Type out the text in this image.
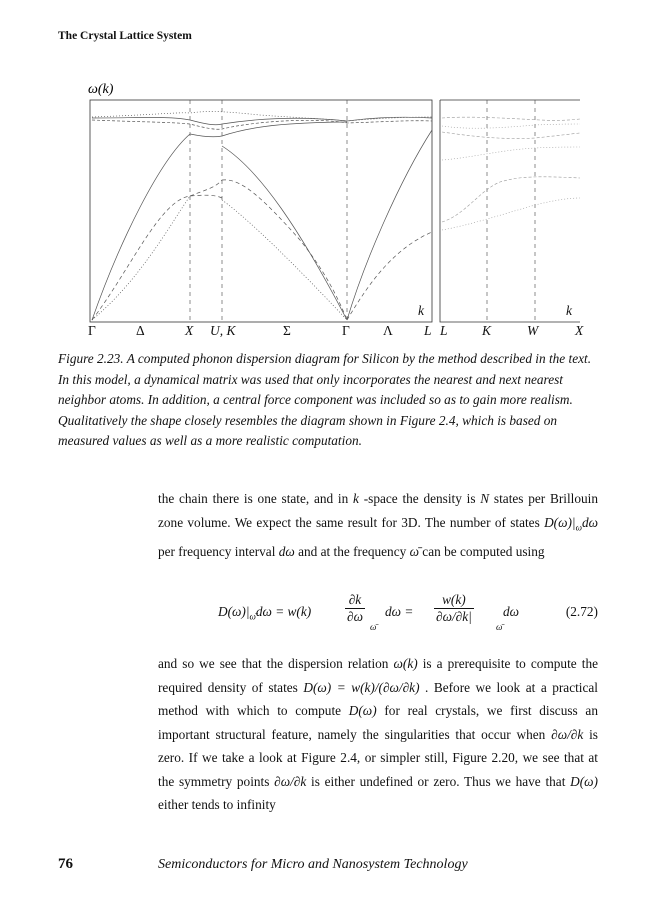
The Crystal Lattice System
ω(k)
k	k
Γ	Δ	X U, K	Σ	Γ Λ L L	K	W	X
Figure 2.23. A computed phonon dispersion diagram for Silicon by the method described in the text. In this model, a dynamical matrix was used that only incorporates the nearest and next nearest neighbor atoms. In addition, a central force component was included so as to gain more realism. Qualitatively the shape closely resembles the diagram shown in Figure 2.4, which is based on measured values as well as a more realistic computation.
the chain there is one state, and in k -space the density is N states per Brillouin zone volume. We expect the same result for 3D. The number of states $D(\omega)|_\omega d\omega$ per frequency interval dω and at the frequency ω̄ can be computed using
$D(\omega)|_{\omegā}d\omega = w(k)$	$\frac{\partial k}{\partial\omega}$
ω̄
$d\omega = \frac{w(k)}{\partial\omega/\partial k|}$
ω̄
dω	(2.72)
and so we see that the dispersion relation ω(k) is a prerequisite to compute the required density of states D(ω) = w(k)/(∂ω/∂k) . Before we look at a practical method with which to compute D(ω) for real crystals, we first discuss an important structural feature, namely the singularities that occur when ∂ω/∂k is zero. If we take a look at Figure 2.4, or simpler still, Figure 2.20, we see that at the symmetry points ∂ω/∂k is either undefined or zero. Thus we have that D(ω) either tends to infinity
76	Semiconductors for Micro and Nanosystem Technology
